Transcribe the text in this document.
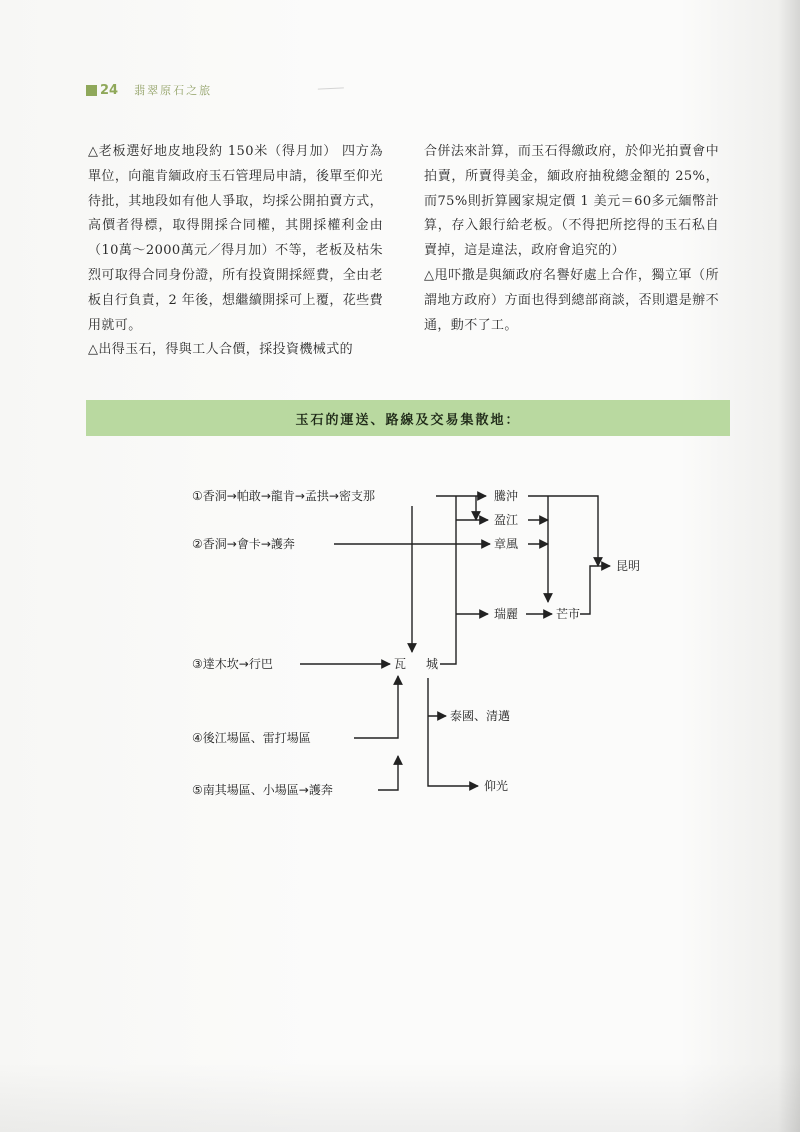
24 翡翠原石之旅

△老板選好地皮地段約 150米（得月加） 四方為單位，向龍肯緬政府玉石管理局申請，後單至仰光待批，其地段如有他人爭取，均採公開拍賣方式，高價者得標，取得開採合同權，其開採權利金由（10萬～2000萬元／得月加）不等，老板及枯朱烈可取得合同身份證，所有投資開採經費，全由老板自行負責，2 年後，想繼續開採可上覆，花些費用就可。

△出得玉石，得與工人合價，採投資機械式的

合併法來計算，而玉石得繳政府，於仰光拍賣會中拍賣，所賣得美金，緬政府抽稅總金額的 25%，而75%則折算國家規定價 1 美元＝60多元緬幣計算，存入銀行給老板。（不得把所挖得的玉石私自賣掉，這是違法，政府會追究的）

△甩吓撒是與緬政府名譽好處上合作，獨立軍（所謂地方政府）方面也得到總部商談，否則還是辦不通，動不了工。

玉石的運送、路線及交易集散地：
①香洞→帕敢→龍肯→孟拱→密支那
②香洞→會卡→護奔
③達木坎→行巴
④後江場區、雷打場區
⑤南其場區、小場區→護奔
騰沖
盈江
章風
瑞麗	芒市
昆明
瓦 城
泰國、清邁
仰光
